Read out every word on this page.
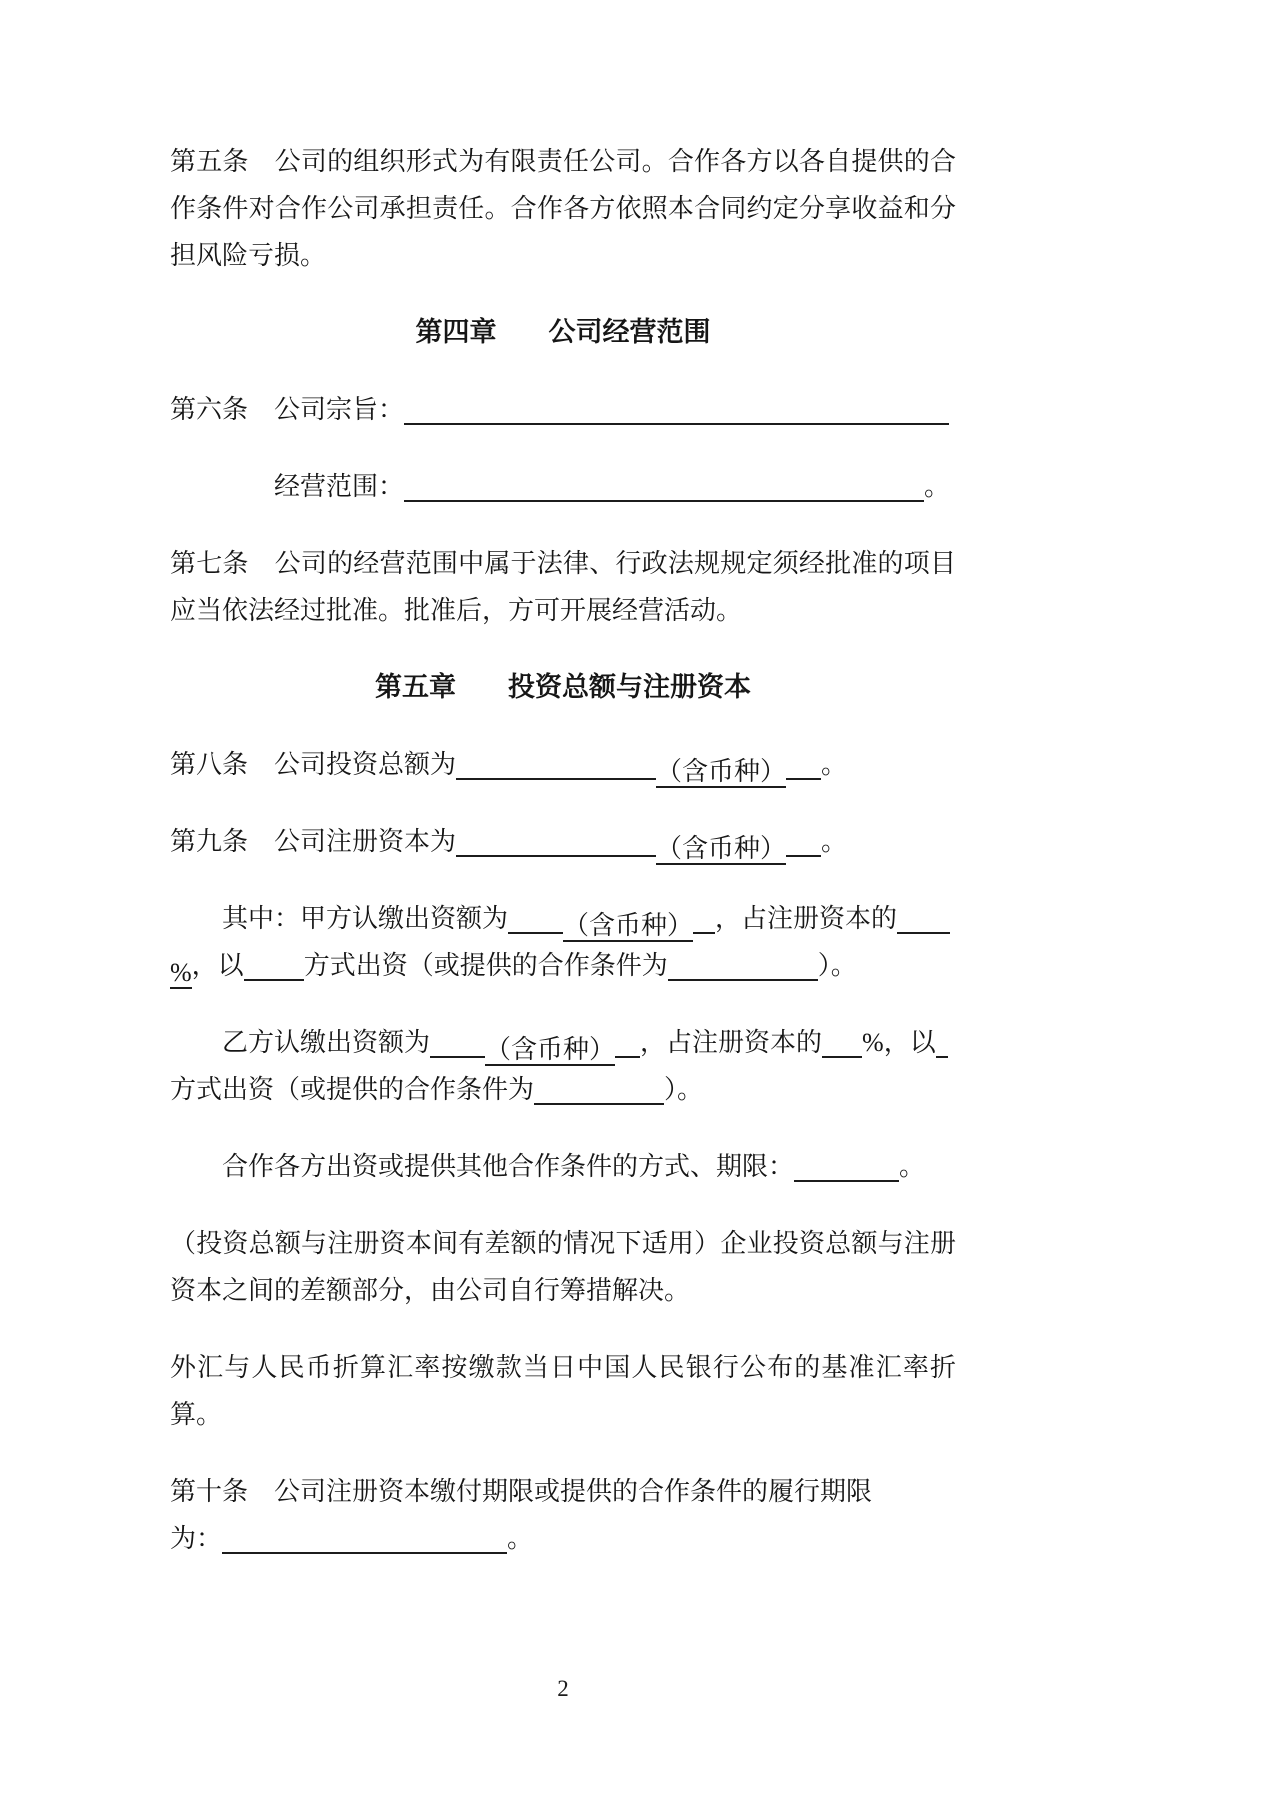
第五条 公司的组织形式为有限责任公司。合作各方以各自提供的合作条件对合作公司承担责任。合作各方依照本合同约定分享收益和分担风险亏损。

第四章 公司经营范围
第六条 公司宗旨：
经营范围：	。

第七条 公司的经营范围中属于法律、行政法规规定须经批准的项目应当依法经过批准。批准后，方可开展经营活动。

第五章 投资总额与注册资本
第八条 公司投资总额为	（含币种） 。
第九条 公司注册资本为	（含币种） 。
其中：甲方认缴出资额为 （含币种） ，占注册资本的
%，以 方式出资（或提供的合作条件为	）。
乙方认缴出资额为 （含币种） ，占注册资本的 %，以
方式出资（或提供的合作条件为	）。
合作各方出资或提供其他合作条件的方式、期限：	。

（投资总额与注册资本间有差额的情况下适用）企业投资总额与注册资本之间的差额部分，由公司自行筹措解决。

外汇与人民币折算汇率按缴款当日中国人民银行公布的基准汇率折算。

第十条 公司注册资本缴付期限或提供的合作条件的履行期限
为：	。
2
